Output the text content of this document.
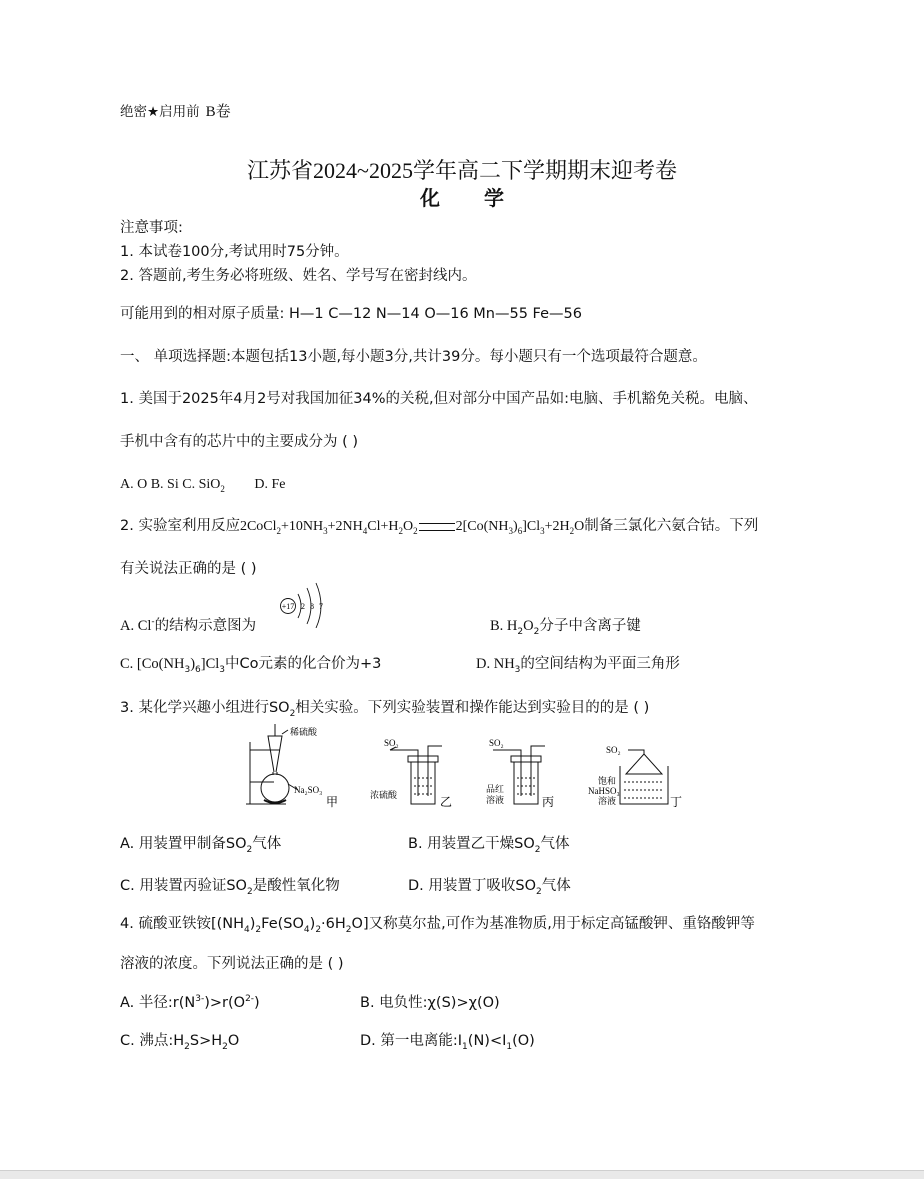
绝密★启用前 B卷
江苏省2024~2025学年高二下学期期末迎考卷
化学
注意事项:
1. 本试卷100分,考试用时75分钟。
2. 答题前,考生务必将班级、姓名、学号写在密封线内。
可能用到的相对原子质量: H—1 C—12 N—14 O—16 Mn—55 Fe—56
一、 单项选择题:本题包括13小题,每小题3分,共计39分。每小题只有一个选项最符合题意。
1. 美国于2025年4月2号对我国加征34%的关税,但对部分中国产品如:电脑、手机豁免关税。电脑、
手机中含有的芯片中的主要成分为 ( )
A. O B. Si C. SiO$_2$ D. Fe
2. 实验室利用反应$2CoCl_2+10NH_3+2NH_4Cl+H_2O_2$	$2[Co(NH_3)_6]Cl_3+2H_2O$制备三氯化六氨合钴。下列
有关说法正确的是 ( )
A. Cl-的结构示意图为
+17 2 8 7
B. $H_2O_2$分子中含离子键
C. $[Co(NH_3)_6]Cl_3$中Co元素的化合价为+3	D. $NH_3$的空间结构为平面三角形
3. 某化学兴趣小组进行$SO_2$相关实验。下列实验装置和操作能达到实验目的的是 ( )
稀硫酸
Na₂SO₃
甲
SO₂
浓硫酸	乙
SO₂
品红
溶液	丙
SO₂
饱和
NaHSO₃
溶液	丁
A. 用装置甲制备$SO_2$气体	B. 用装置乙干燥$SO_2$气体
C. 用装置丙验证$SO_2$是酸性氧化物	D. 用装置丁吸收$SO_2$气体
4. 硫酸亚铁铵$[(NH_4)_2Fe(SO_4)_2\cdot 6H_2O]$又称莫尔盐,可作为基准物质,用于标定高锰酸钾、重铬酸钾等
溶液的浓度。下列说法正确的是 ( )
A. 半径$:r(N^{3-})>r(O^{2-})$	B. 电负性:χ(S)>χ(O)
C. 沸点$:H_2S>H_2O$	D. 第一电离能$:I_1(N)<I_1(O)$
